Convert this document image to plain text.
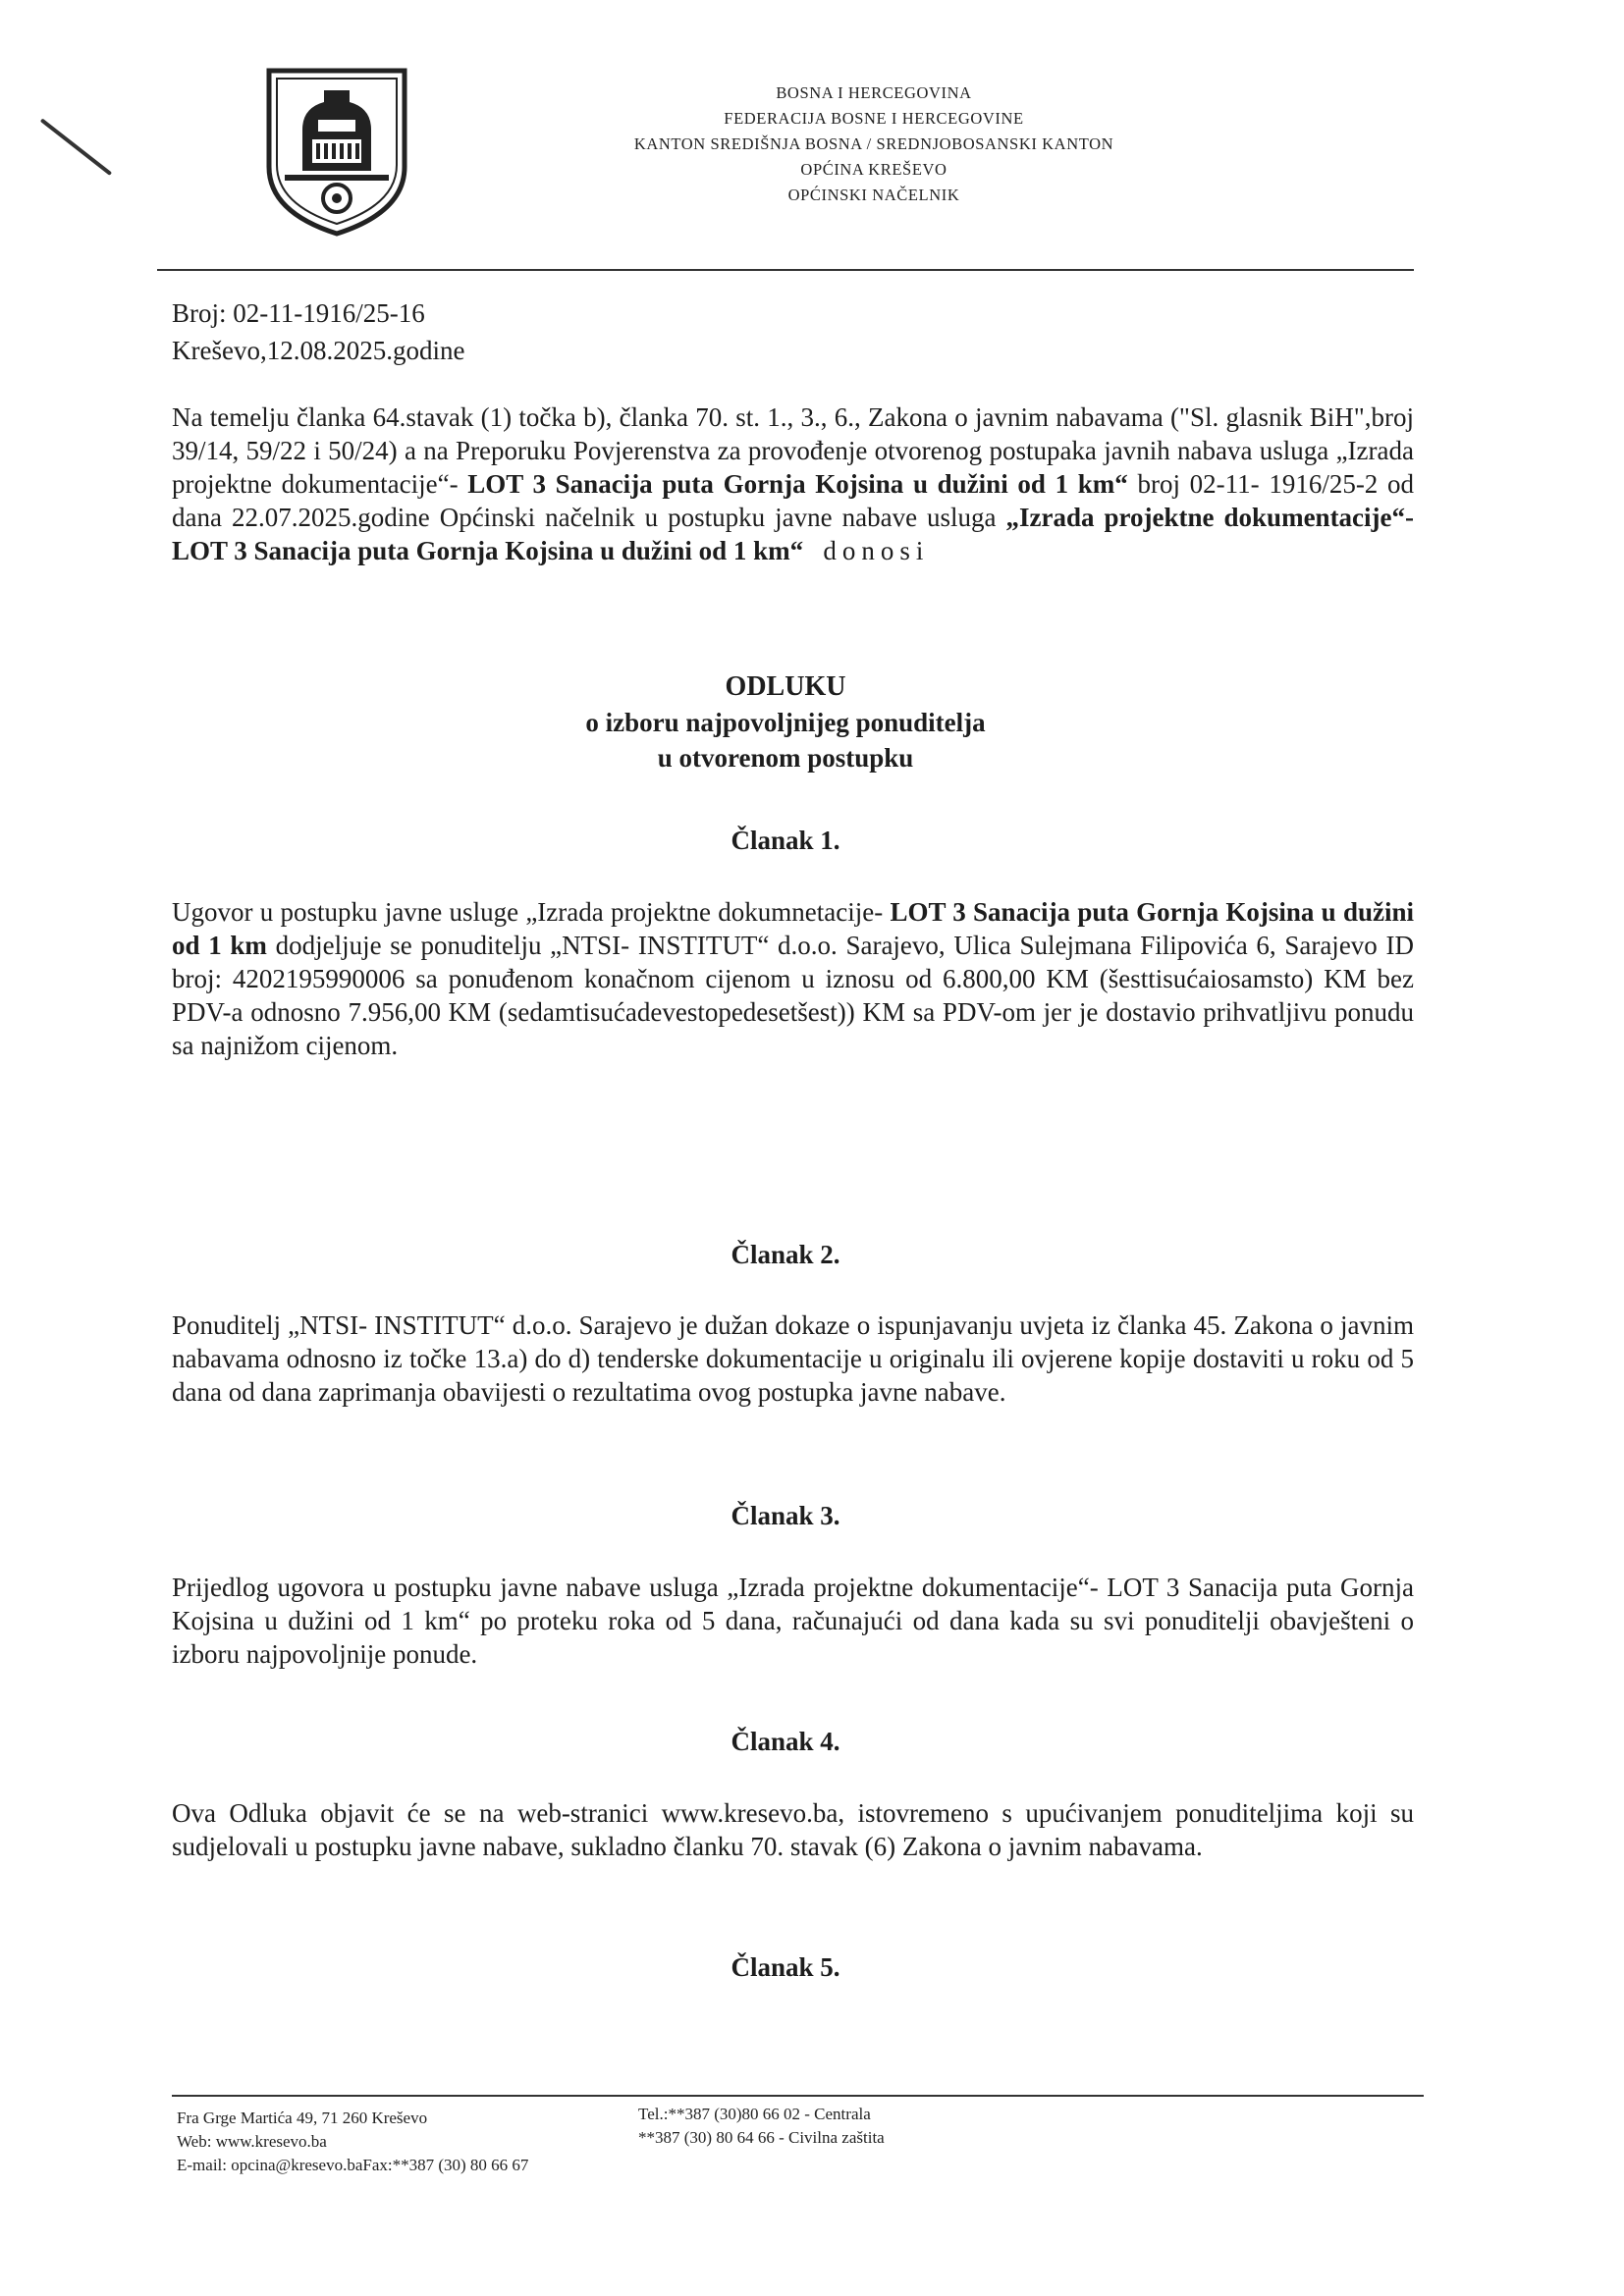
BOSNA I HERCEGOVINA
FEDERACIJA BOSNE I HERCEGOVINE
KANTON SREDIŠNJA BOSNA / SREDNJOBOSANSKI KANTON
OPĆINA KREŠEVO
OPĆINSKI NAČELNIK
Broj: 02-11-1916/25-16
Kreševo,12.08.2025.godine
Na temelju članka 64.stavak (1) točka b), članka 70. st. 1., 3., 6., Zakona o javnim nabavama ("Sl. glasnik BiH",broj 39/14, 59/22 i 50/24) a na Preporuku Povjerenstva za provođenje otvorenog postupaka javnih nabava usluga „Izrada projektne dokumentacije“- LOT 3 Sanacija puta Gornja Kojsina u dužini od 1 km“ broj 02-11- 1916/25-2 od dana 22.07.2025.godine Općinski načelnik u postupku javne nabave usluga „Izrada projektne dokumentacije“- LOT 3 Sanacija puta Gornja Kojsina u dužini od 1 km“ donosi
ODLUKU
o izboru najpovoljnijeg ponuditelja
u otvorenom postupku
Članak 1.
Ugovor u postupku javne usluge „Izrada projektne dokumnetacije- LOT 3 Sanacija puta Gornja Kojsina u dužini od 1 km dodjeljuje se ponuditelju „NTSI- INSTITUT“ d.o.o. Sarajevo, Ulica Sulejmana Filipovića 6, Sarajevo ID broj: 4202195990006 sa ponuđenom konačnom cijenom u iznosu od 6.800,00 KM (šesttisućaiosamsto) KM bez PDV-a odnosno 7.956,00 KM (sedamtisućadevestopedesetšest)) KM sa PDV-om jer je dostavio prihvatljivu ponudu sa najnižom cijenom.
Članak 2.
Ponuditelj „NTSI- INSTITUT“ d.o.o. Sarajevo je dužan dokaze o ispunjavanju uvjeta iz članka 45. Zakona o javnim nabavama odnosno iz točke 13.a) do d) tenderske dokumentacije u originalu ili ovjerene kopije dostaviti u roku od 5 dana od dana zaprimanja obavijesti o rezultatima ovog postupka javne nabave.
Članak 3.
Prijedlog ugovora u postupku javne nabave usluga „Izrada projektne dokumentacije“- LOT 3 Sanacija puta Gornja Kojsina u dužini od 1 km“ po proteku roka od 5 dana, računajući od dana kada su svi ponuditelji obavješteni o izboru najpovoljnije ponude.
Članak 4.
Ova Odluka objavit će se na web-stranici www.kresevo.ba, istovremeno s upućivanjem ponuditeljima koji su sudjelovali u postupku javne nabave, sukladno članku 70. stavak (6) Zakona o javnim nabavama.
Članak 5.
Fra Grge Martića 49, 71 260 Kreševo
Web: www.kresevo.ba
E-mail: opcina@kresevo.baFax:**387 (30) 80 66 67
Tel.:**387 (30)80 66 02 - Centrala
**387 (30) 80 64 66 - Civilna zaštita
